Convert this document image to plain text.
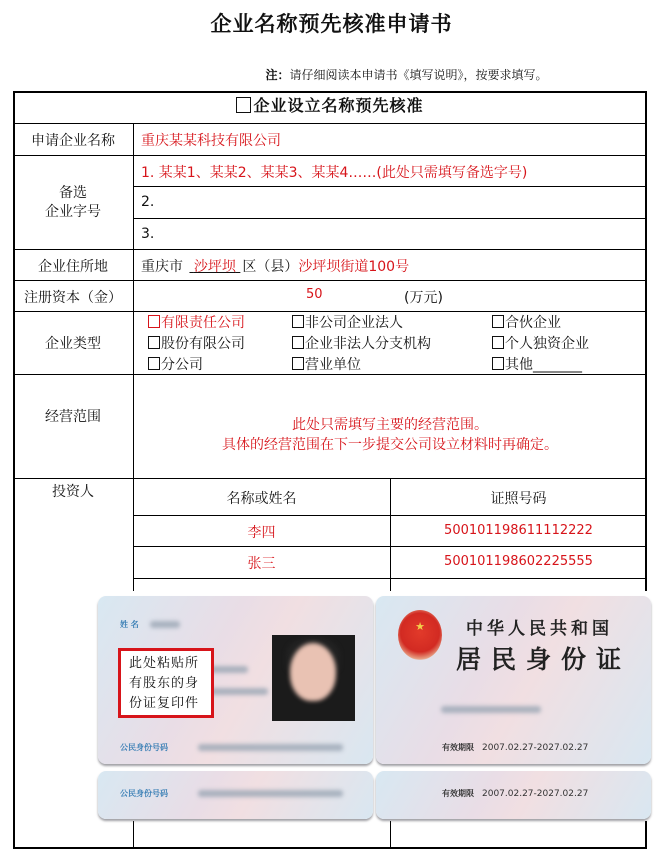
企业名称预先核准申请书
注：请仔细阅读本申请书《填写说明》，按要求填写。
企业设立名称预先核准
申请企业名称	重庆某某科技有限公司
备选
企业字号
1. 某某1、某某2、某某3、某某4……(此处只需填写备选字号)
2.
3.
企业住所地	重庆市 沙坪坝 区（县）沙坪坝街道100号
注册资本（金）	50	(万元)
企业类型
有限责任公司	非公司企业法人	合伙企业
股份有限公司	企业非法人分支机构	个人独资企业
分公司	营业单位	其他_______
经营范围	此处只需填写主要的经营范围。
具体的经营范围在下一步提交公司设立材料时再确定。
投资人	名称或姓名	证照号码
李四	500101198611112222
张三	500101198602225555
姓 名
公民身份号码
此处粘贴所
有股东的身
份证复印件
公民身份号码
★	中华人民共和国
居民身份证
有效期限 2007.02.27-2027.02.27
有效期限 2007.02.27-2027.02.27
